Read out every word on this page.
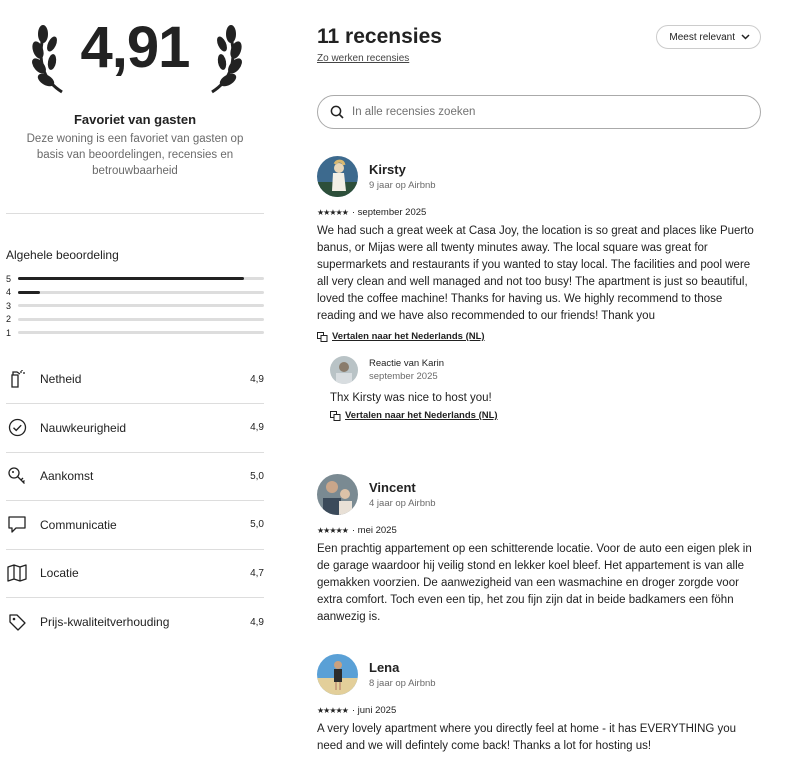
4,91
Favoriet van gasten
Deze woning is een favoriet van gasten op basis van beoordelingen, recensies en betrouwbaarheid
Algehele beoordeling
5
4
3
2
1
Netheid	4,9
Nauwkeurigheid	4,9
Aankomst	5,0
Communicatie	5,0
Locatie	4,7
Prijs-kwaliteitverhouding	4,9
11 recensies
Zo werken recensies
Meest relevant
In alle recensies zoeken
Kirsty
9 jaar op Airbnb
★★★★★ · september 2025
We had such a great week at Casa Joy, the location is so great and places like Puerto banus, or Mijas were all twenty minutes away. The local square was great for supermarkets and restaurants if you wanted to stay local. The facilities and pool were all very clean and well managed and not too busy! The apartment is just so beautiful, loved the coffee machine! Thanks for having us. We highly recommend to those reading and we have also recommended to our friends! Thank you
Vertalen naar het Nederlands (NL)
Reactie van Karin
september 2025
Thx Kirsty was nice to host you!
Vertalen naar het Nederlands (NL)
Vincent
4 jaar op Airbnb
★★★★★ · mei 2025
Een prachtig appartement op een schitterende locatie. Voor de auto een eigen plek in de garage waardoor hij veilig stond en lekker koel bleef. Het appartement is van alle gemakken voorzien. De aanwezigheid van een wasmachine en droger zorgde voor extra comfort. Toch even een tip, het zou fijn zijn dat in beide badkamers een föhn aanwezig is.
Lena
8 jaar op Airbnb
★★★★★ · juni 2025
A very lovely apartment where you directly feel at home - it has EVERYTHING you need and we will defintely come back! Thanks a lot for hosting us!
